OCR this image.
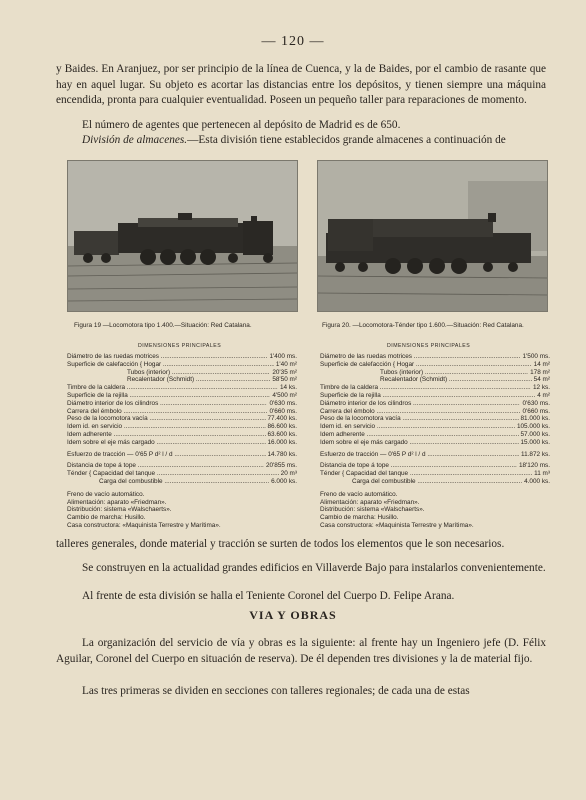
— 120 —

y Baides. En Aranjuez, por ser principio de la línea de Cuenca, y la de Baides, por el cambio de rasante que hay en aquel lugar. Su objeto es acortar las distancias entre los depósitos, y tienen siempre una máquina encendida, pronta para cualquier eventualidad. Poseen un pequeño taller para reparaciones de momento.

El número de agentes que pertenecen al depósito de Madrid es de 650.

División de almacenes.—Esta división tiene establecidos grande almacenes a continuación de

Figura 19 —Locomotora tipo 1.400.—Situación: Red Catalana.	Figura 20. —Locomotora-Ténder tipo 1.600.—Situación: Red Catalana.
DIMENSIONES PRINCIPALES	DIMENSIONES PRINCIPALES
Diámetro de las ruedas motrices .....	1'400 ms.
Superficie de calefacción { Hogar .....	1'40 m²
Tubos (interior) .....	20'35 m²
Recalentador (Schmidt) .....	58'50 m²
Timbre de la caldera .....	14 ks.
Superficie de la rejilla .....	4'500 m²
Diámetro interior de los cilindros .....	0'630 ms.
Carrera del émbolo .....	0'660 ms.
Peso de la locomotora vacía .....	77.400 ks.
Idem id. en servicio .....	86.600 ks.
Idem adherente .....	63.600 ks.
Idem sobre el eje más cargado .....	16.000 ks.
Esfuerzo de tracción — 0'65 P d² l / d .....	14.780 ks.
Distancia de tope á tope .....	20'855 ms.
Ténder { Capacidad del tanque .....	20 m³
Carga del combustible .....	6.000 ks.
Freno de vacío automático.
Alimentación: aparato «Friedman».
Distribución: sistema «Walschaerts».
Cambio de marcha: Husillo.
Casa constructora: «Maquinista Terrestre y Marítima».
Diámetro de las ruedas motrices .....	1'500 ms.
Superficie de calefacción { Hogar .....	14 m²
Tubos (interior) .....	178 m²
Recalentador (Schmidt) .....	54 m²
Timbre de la caldera .....	12 ks.
Superficie de la rejilla .....	4 m²
Diámetro interior de los cilindros .....	0'630 ms.
Carrera del émbolo .....	0'660 ms.
Peso de la locomotora vacía .....	81.000 ks.
Idem id. en servicio .....	105.000 ks.
Idem adherente .....	57.000 ks.
Idem sobre el eje más cargado .....	15.000 ks.
Esfuerzo de tracción — 0'65 P d² l / d .....	11.872 ks.
Distancia de tope á tope .....	18'120 ms.
Ténder { Capacidad del tanque .....	11 m³
Carga del combustible .....	4.000 ks.
Freno de vacío automático.
Alimentación: aparato «Friedman».
Distribución: sistema «Walschaerts».
Cambio de marcha: Husillo.
Casa constructora: «Maquinista Terrestre y Marítima».

talleres generales, donde material y tracción se surten de todos los elementos que le son necesarios.

Se construyen en la actualidad grandes edificios en Villaverde Bajo para instalarlos convenientemente.

Al frente de esta división se halla el Teniente Coronel del Cuerpo D. Felipe Arana.

VIA Y OBRAS

La organización del servicio de vía y obras es la siguiente: al frente hay un Ingeniero jefe (D. Félix Aguilar, Coronel del Cuerpo en situación de reserva). De él dependen tres divisiones y la de material fijo.

Las tres primeras se dividen en secciones con talleres regionales; de cada una de estas
